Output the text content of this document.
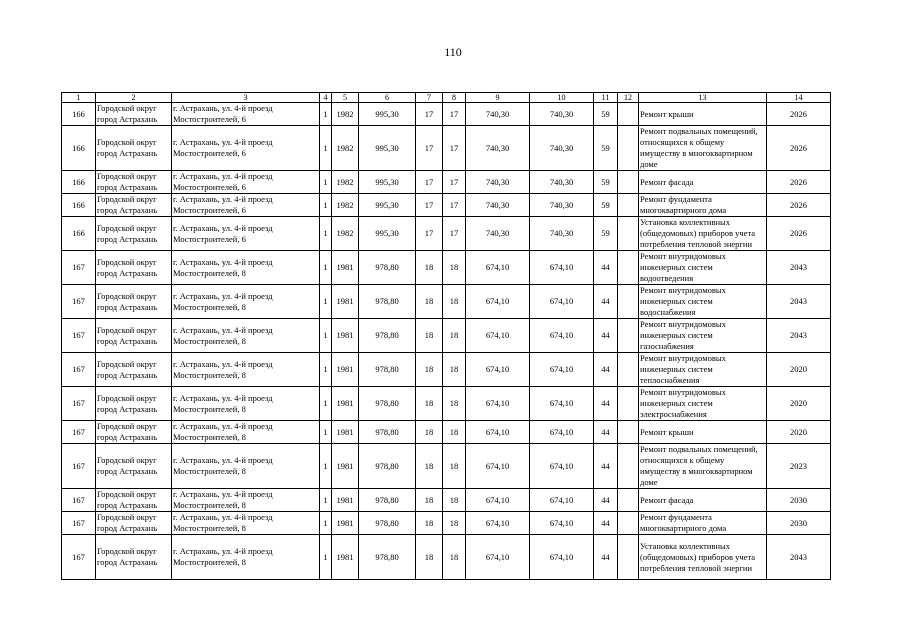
110
1	2	3	4	5	6	7	8	9	10	11	12	13	14
166	Городской округ город Астрахань	г. Астрахань, ул. 4-й проезд Мостостроителей, 6	1	1982	995,30	17	17	740,30	740,30	59		Ремонт крыши	2026
166	Городской округ город Астрахань	г. Астрахань, ул. 4-й проезд Мостостроителей, 6	1	1982	995,30	17	17	740,30	740,30	59		Ремонт подвальных помещений, относящихся к общему имуществу в многоквартирном доме	2026
166	Городской округ город Астрахань	г. Астрахань, ул. 4-й проезд Мостостроителей, 6	1	1982	995,30	17	17	740,30	740,30	59		Ремонт фасада	2026
166	Городской округ город Астрахань	г. Астрахань, ул. 4-й проезд Мостостроителей, 6	1	1982	995,30	17	17	740,30	740,30	59		Ремонт фундамента многоквартирного дома	2026
166	Городской округ город Астрахань	г. Астрахань, ул. 4-й проезд Мостостроителей, 6	1	1982	995,30	17	17	740,30	740,30	59		Установка коллективных (общедомовых) приборов учета потребления тепловой энергии	2026
167	Городской округ город Астрахань	г. Астрахань, ул. 4-й проезд Мостостроителей, 8	1	1981	978,80	18	18	674,10	674,10	44		Ремонт внутридомовых инженерных систем водоотведения	2043
167	Городской округ город Астрахань	г. Астрахань, ул. 4-й проезд Мостостроителей, 8	1	1981	978,80	18	18	674,10	674,10	44		Ремонт внутридомовых инженерных систем водоснабжения	2043
167	Городской округ город Астрахань	г. Астрахань, ул. 4-й проезд Мостостроителей, 8	1	1981	978,80	18	18	674,10	674,10	44		Ремонт внутридомовых инженерных систем газоснабжения	2043
167	Городской округ город Астрахань	г. Астрахань, ул. 4-й проезд Мостостроителей, 8	1	1981	978,80	18	18	674,10	674,10	44		Ремонт внутридомовых инженерных систем теплоснабжения	2020
167	Городской округ город Астрахань	г. Астрахань, ул. 4-й проезд Мостостроителей, 8	1	1981	978,80	18	18	674,10	674,10	44		Ремонт внутридомовых инженерных систем электроснабжения	2020
167	Городской округ город Астрахань	г. Астрахань, ул. 4-й проезд Мостостроителей, 8	1	1981	978,80	18	18	674,10	674,10	44		Ремонт крыши	2020
167	Городской округ город Астрахань	г. Астрахань, ул. 4-й проезд Мостостроителей, 8	1	1981	978,80	18	18	674,10	674,10	44		Ремонт подвальных помещений, относящихся к общему имуществу в многоквартирном доме	2023
167	Городской округ город Астрахань	г. Астрахань, ул. 4-й проезд Мостостроителей, 8	1	1981	978,80	18	18	674,10	674,10	44		Ремонт фасада	2030
167	Городской округ город Астрахань	г. Астрахань, ул. 4-й проезд Мостостроителей, 8	1	1981	978,80	18	18	674,10	674,10	44		Ремонт фундамента многоквартирного дома	2030
167	Городской округ город Астрахань	г. Астрахань, ул. 4-й проезд Мостостроителей, 8	1	1981	978,80	18	18	674,10	674,10	44		Установка коллективных (общедомовых) приборов учета потребления тепловой энергии	2043
